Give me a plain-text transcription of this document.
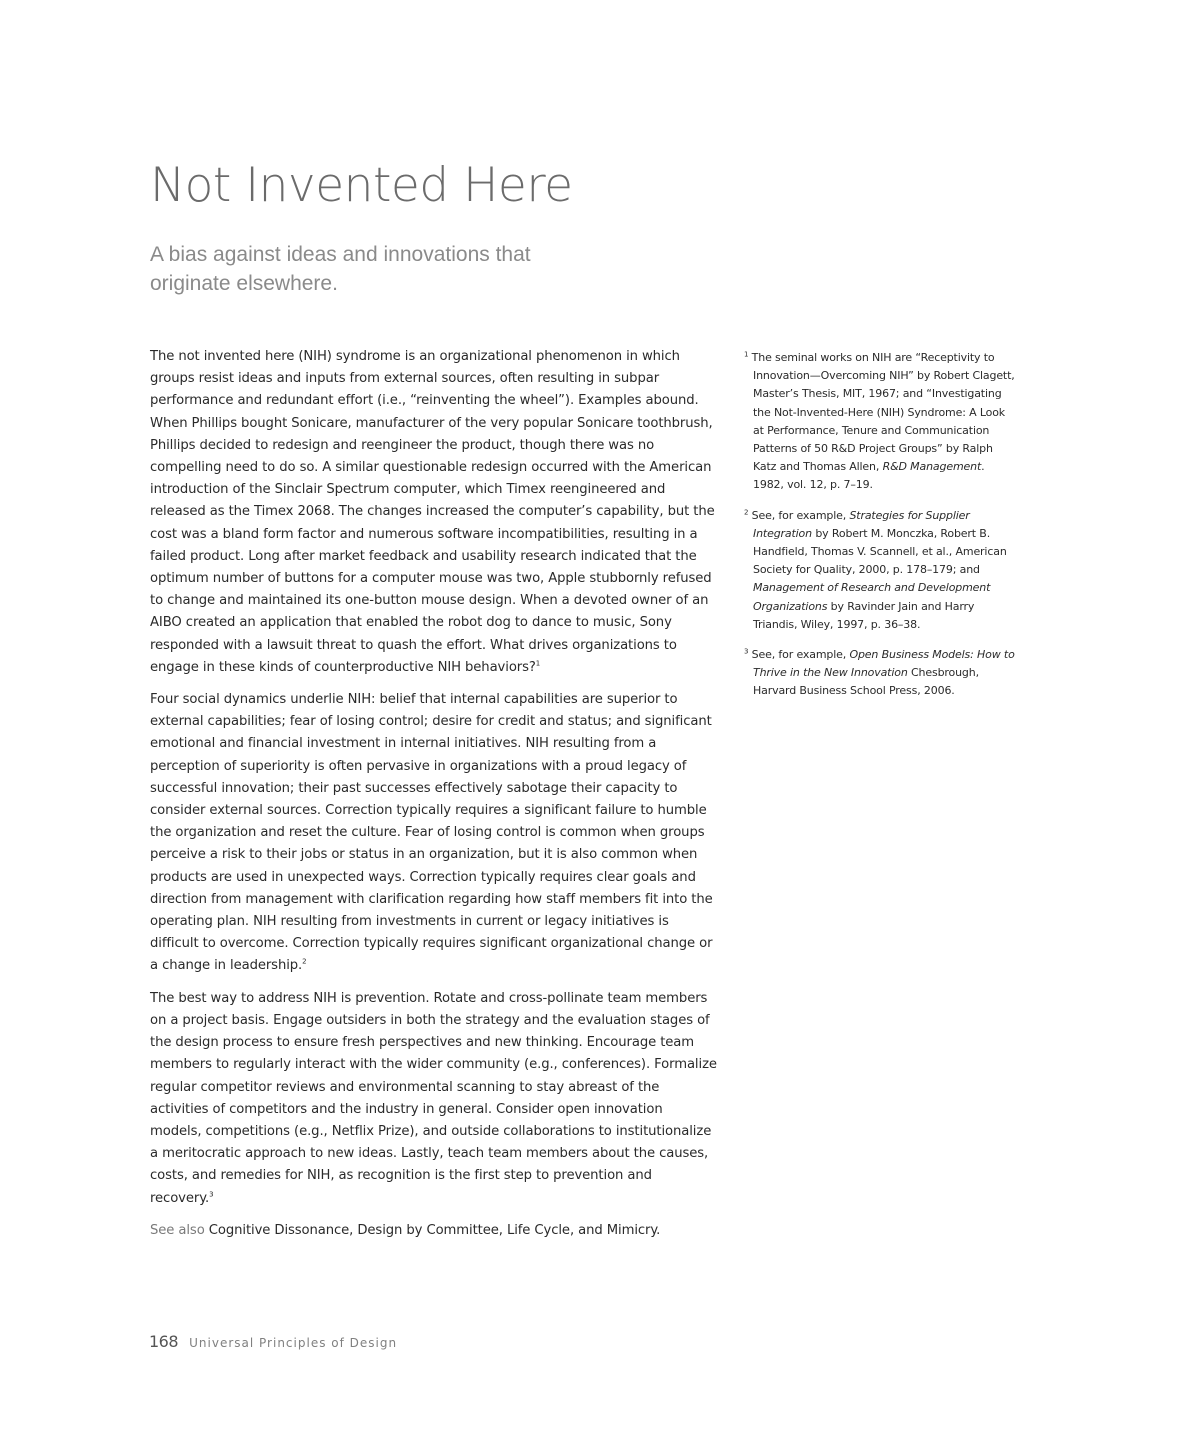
Not Invented Here

A bias against ideas and innovations that originate elsewhere.

The not invented here (NIH) syndrome is an organizational phenomenon in which groups resist ideas and inputs from external sources, often resulting in subpar performance and redundant effort (i.e., “reinventing the wheel”). Examples abound. When Phillips bought Sonicare, manufacturer of the very popular Sonicare toothbrush, Phillips decided to redesign and reengineer the product, though there was no compelling need to do so. A similar questionable redesign occurred with the American introduction of the Sinclair Spectrum computer, which Timex reengineered and released as the Timex 2068. The changes increased the computer’s capability, but the cost was a bland form factor and numerous software incompatibilities, resulting in a failed product. Long after market feedback and usability research indicated that the optimum number of buttons for a computer mouse was two, Apple stubbornly refused to change and maintained its one-button mouse design. When a devoted owner of an AIBO created an application that enabled the robot dog to dance to music, Sony responded with a lawsuit threat to quash the effort. What drives organizations to engage in these kinds of counterproductive NIH behaviors?$^1$

Four social dynamics underlie NIH: belief that internal capabilities are superior to external capabilities; fear of losing control; desire for credit and status; and significant emotional and financial investment in internal initiatives. NIH resulting from a perception of superiority is often pervasive in organizations with a proud legacy of successful innovation; their past successes effectively sabotage their capacity to consider external sources. Correction typically requires a significant failure to humble the organization and reset the culture. Fear of losing control is common when groups perceive a risk to their jobs or status in an organization, but it is also common when products are used in unexpected ways. Correction typically requires clear goals and direction from management with clarification regarding how staff members fit into the operating plan. NIH resulting from investments in current or legacy initiatives is difficult to overcome. Correction typically requires significant organizational change or a change in leadership.$^2$

The best way to address NIH is prevention. Rotate and cross-pollinate team members on a project basis. Engage outsiders in both the strategy and the evaluation stages of the design process to ensure fresh perspectives and new thinking. Encourage team members to regularly interact with the wider community (e.g., conferences). Formalize regular competitor reviews and environmental scanning to stay abreast of the activities of competitors and the industry in general. Consider open innovation models, competitions (e.g., Netflix Prize), and outside collaborations to institutionalize a meritocratic approach to new ideas. Lastly, teach team members about the causes, costs, and remedies for NIH, as recognition is the first step to prevention and recovery.$^3$

See also Cognitive Dissonance, Design by Committee, Life Cycle, and Mimicry.

$^1$ The seminal works on NIH are “Receptivity to Innovation—Overcoming NIH” by Robert Clagett, Master’s Thesis, MIT, 1967; and “Investigating the Not-Invented-Here (NIH) Syndrome: A Look at Performance, Tenure and Communication Patterns of 50 R&D Project Groups” by Ralph Katz and Thomas Allen, R&D Management. 1982, vol. 12, p. 7–19.

$^2$ See, for example, Strategies for Supplier Integration by Robert M. Monczka, Robert B. Handfield, Thomas V. Scannell, et al., American Society for Quality, 2000, p. 178–179; and Management of Research and Development Organizations by Ravinder Jain and Harry Triandis, Wiley, 1997, p. 36–38.

$^3$ See, for example, Open Business Models: How to Thrive in the New Innovation Chesbrough, Harvard Business School Press, 2006.

168 Universal Principles of Design
